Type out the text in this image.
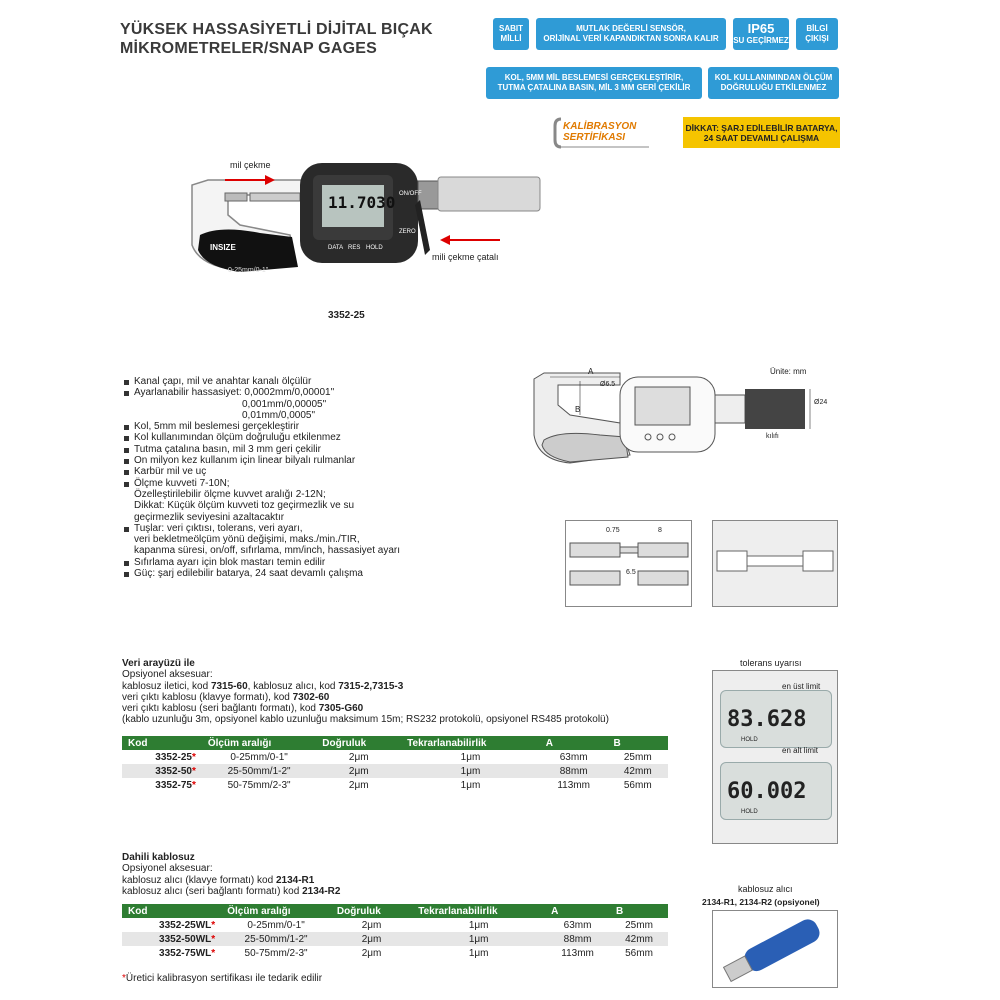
YÜKSEK HASSASİYETLİ DİJİTAL BIÇAK
MİKROMETRELER/SNAP GAGES
SABIT
MİLLİ
MUTLAK DEĞERLİ SENSÖR,
ORİJİNAL VERİ KAPANDIKTAN SONRA KALIR
IP65
SU GEÇİRMEZ
BİLGİ
ÇIKIŞI
KOL, 5MM MİL BESLEMESİ GERÇEKLEŞTİRİR,
TUTMA ÇATALINA BASIN, MİL 3 MM GERİ ÇEKİLİR
KOL KULLANIMINDAN ÖLÇÜM
DOĞRULUĞU ETKİLENMEZ
KALİBRASYON
SERTİFİKASI
DİKKAT: ŞARJ EDİLEBİLİR BATARYA,
24 SAAT DEVAMLI ÇALIŞMA
11.7030
INSIZE
0-25mm/0-1"
ON/OFF
ZERO
DATA RES HOLD
mil çekme
mili çekme çatalı
3352-25
Kanal çapı, mil ve anahtar kanalı ölçülür
Ayarlanabilir hassasiyet: 0,0002mm/0,00001"
0,001mm/0,00005"
0,01mm/0,0005"
Kol, 5mm mil beslemesi gerçekleştirir
Kol kullanımından ölçüm doğruluğu etkilenmez
Tutma çatalına basın, mil 3 mm geri çekilir
On milyon kez kullanım için linear bilyalı rulmanlar
Karbür mil ve uç
Ölçme kuvveti 7-10N;
Özelleştirilebilir ölçme kuvvet aralığı 2-12N;
Dikkat: Küçük ölçüm kuvveti toz geçirmezlik ve su
geçirmezlik seviyesini azaltacaktır
Tuşlar: veri çıktısı, tolerans, veri ayarı,
veri bekletmeölçüm yönü değişimi, maks./min./TIR,
kapanma süresi, on/off, sıfırlama, mm/inch, hassasiyet ayarı
Sıfırlama ayarı için blok mastarı temin edilir
Güç: şarj edilebilir batarya, 24 saat devamlı çalışma
Ünite: mm
A
B
Ø6.5
Ø24
kılıfı
0.75	8
6.5
tolerans uyarısı
83.628
HOLD
en üst limit
60.002
HOLD
en alt limit
Veri arayüzü ile
Opsiyonel aksesuar:
kablosuz iletici, kod 7315-60, kablosuz alıcı, kod 7315-2,7315-3
veri çıktı kablosu (klavye formatı), kod 7302-60
veri çıktı kablosu (seri bağlantı formatı), kod 7305-G60
(kablo uzunluğu 3m, opsiyonel kablo uzunluğu maksimum 15m; RS232 protokolü, opsiyonel RS485 protokolü)
Kod	Ölçüm aralığı	Doğruluk	Tekrarlanabilirlik	A	B
3352-25*	0-25mm/0-1"	2μm	1μm	63mm	25mm
3352-50*	25-50mm/1-2"	2μm	1μm	88mm	42mm
3352-75*	50-75mm/2-3"	2μm	1μm	113mm	56mm
Dahili kablosuz
Opsiyonel aksesuar:
kablosuz alıcı (klavye formatı) kod 2134-R1
kablosuz alıcı (seri bağlantı formatı) kod 2134-R2
Kod	Ölçüm aralığı	Doğruluk	Tekrarlanabilirlik	A	B
3352-25WL*	0-25mm/0-1"	2μm	1μm	63mm	25mm
3352-50WL*	25-50mm/1-2"	2μm	1μm	88mm	42mm
3352-75WL*	50-75mm/2-3"	2μm	1μm	113mm	56mm
*Üretici kalibrasyon sertifikası ile tedarik edilir
kablosuz alıcı
2134-R1, 2134-R2 (opsiyonel)
